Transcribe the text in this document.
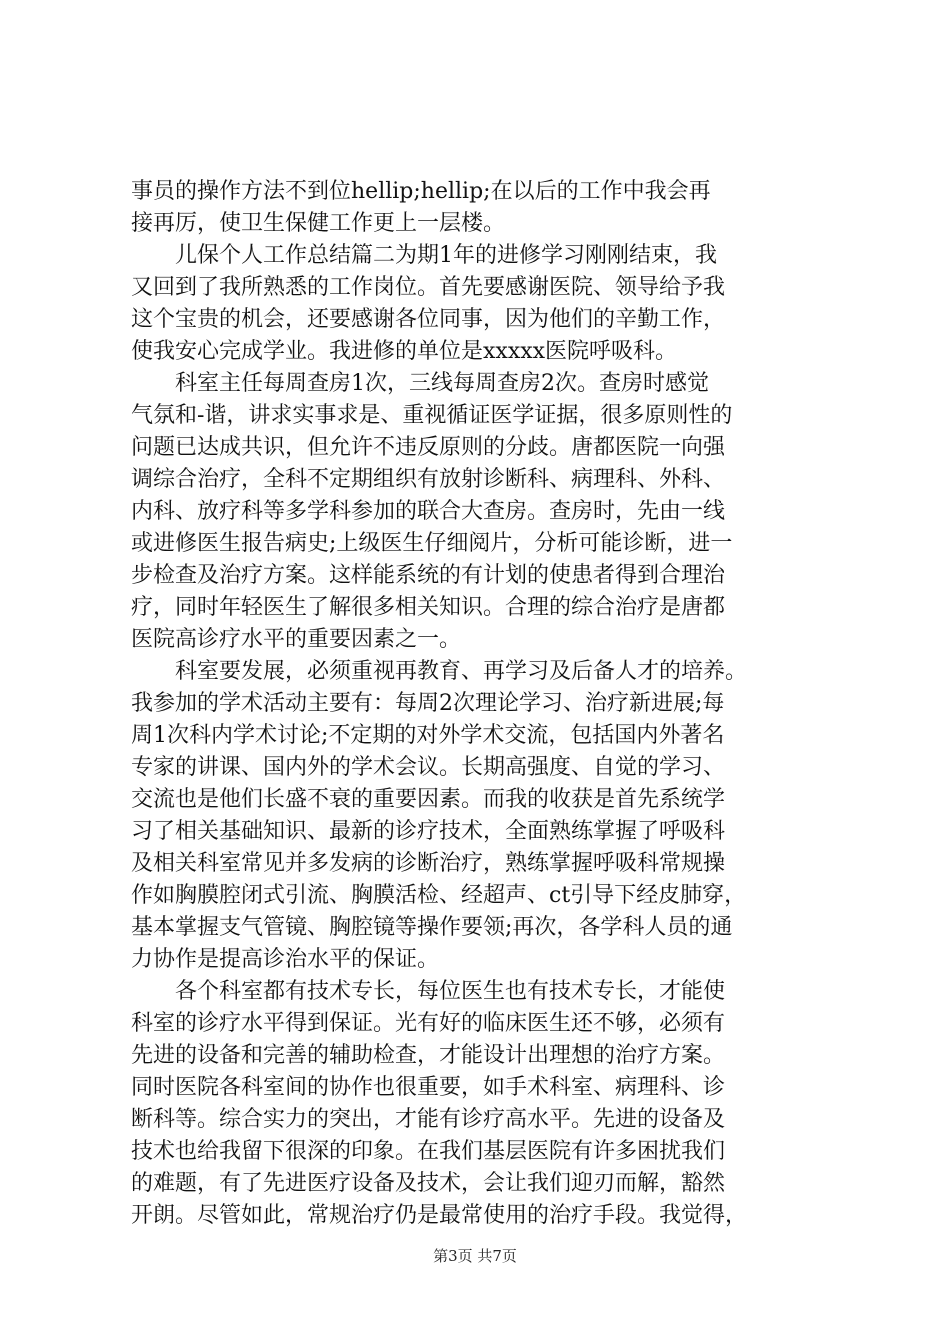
事员的操作方法不到位hellip;hellip;在以后的工作中我会再
接再厉，使卫生保健工作更上一层楼。
　　儿保个人工作总结篇二为期1年的进修学习刚刚结束，我
又回到了我所熟悉的工作岗位。首先要感谢医院、领导给予我
这个宝贵的机会，还要感谢各位同事，因为他们的辛勤工作，
使我安心完成学业。我进修的单位是xxxxx医院呼吸科。
　　科室主任每周查房1次，三线每周查房2次。查房时感觉
气氛和-谐，讲求实事求是、重视循证医学证据，很多原则性的
问题已达成共识，但允许不违反原则的分歧。唐都医院一向强
调综合治疗，全科不定期组织有放射诊断科、病理科、外科、
内科、放疗科等多学科参加的联合大查房。查房时，先由一线
或进修医生报告病史;上级医生仔细阅片，分析可能诊断，进一
步检查及治疗方案。这样能系统的有计划的使患者得到合理治
疗，同时年轻医生了解很多相关知识。合理的综合治疗是唐都
医院高诊疗水平的重要因素之一。
　　科室要发展，必须重视再教育、再学习及后备人才的培养。
我参加的学术活动主要有：每周2次理论学习、治疗新进展;每
周1次科内学术讨论;不定期的对外学术交流，包括国内外著名
专家的讲课、国内外的学术会议。长期高强度、自觉的学习、
交流也是他们长盛不衰的重要因素。而我的收获是首先系统学
习了相关基础知识、最新的诊疗技术，全面熟练掌握了呼吸科
及相关科室常见并多发病的诊断治疗，熟练掌握呼吸科常规操
作如胸膜腔闭式引流、胸膜活检、经超声、ct引导下经皮肺穿，
基本掌握支气管镜、胸腔镜等操作要领;再次，各学科人员的通
力协作是提高诊治水平的保证。
　　各个科室都有技术专长，每位医生也有技术专长，才能使
科室的诊疗水平得到保证。光有好的临床医生还不够，必须有
先进的设备和完善的辅助检查，才能设计出理想的治疗方案。
同时医院各科室间的协作也很重要，如手术科室、病理科、诊
断科等。综合实力的突出，才能有诊疗高水平。先进的设备及
技术也给我留下很深的印象。在我们基层医院有许多困扰我们
的难题，有了先进医疗设备及技术，会让我们迎刃而解，豁然
开朗。尽管如此，常规治疗仍是最常使用的治疗手段。我觉得，
第3页 共7页
